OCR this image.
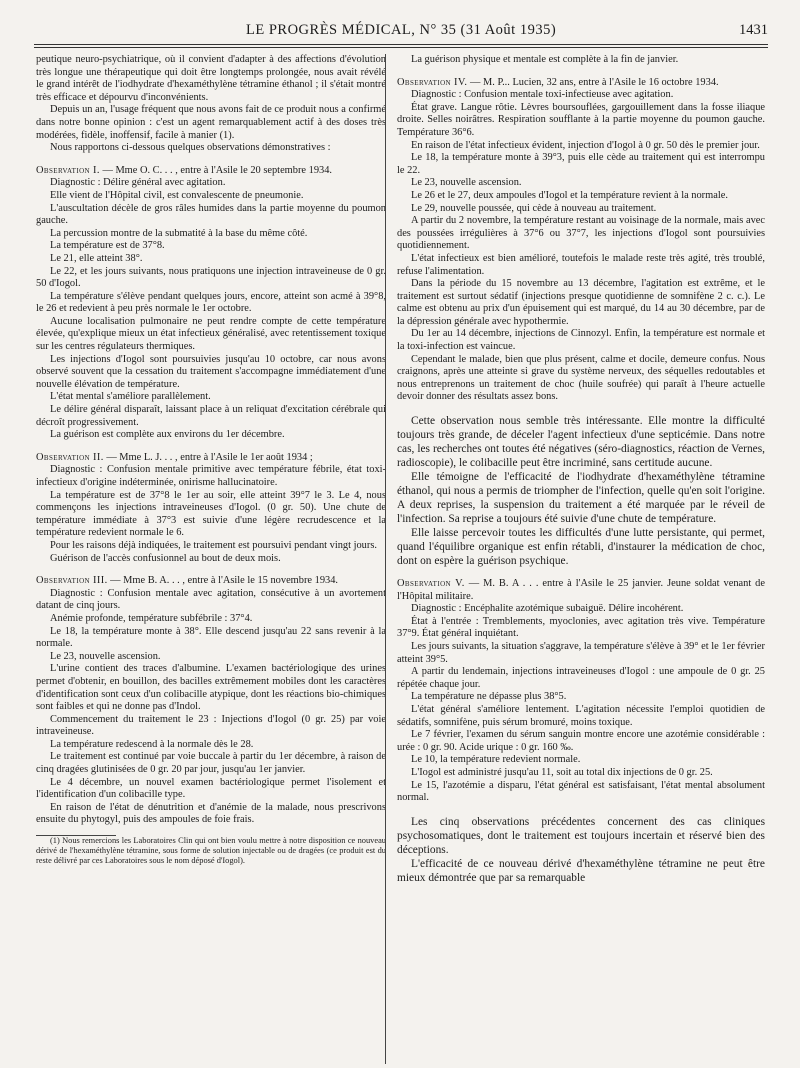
LE PROGRÈS MÉDICAL, N° 35 (31 Août 1935)	1431

peutique neuro-psychiatrique, où il convient d'adapter à des affections d'évolution très longue une thérapeutique qui doit être longtemps prolongée, nous avait révélé le grand intérêt de l'iodhydrate d'hexaméthylène tétramine éthanol ; il s'était montré très efficace et dépourvu d'inconvénients.

Depuis un an, l'usage fréquent que nous avons fait de ce produit nous a confirmé dans notre bonne opinion : c'est un agent remarquablement actif à des doses très modérées, fidèle, inoffensif, facile à manier (1).

Nous rapportons ci-dessous quelques observations démonstratives :

Observation I. — Mme O. C. . . , entre à l'Asile le 20 septembre 1934.

Diagnostic : Délire général avec agitation.

Elle vient de l'Hôpital civil, est convalescente de pneumonie.

L'auscultation décèle de gros râles humides dans la partie moyenne du poumon gauche.

La percussion montre de la submatité à la base du même côté.

La température est de 37°8.

Le 21, elle atteint 38°.

Le 22, et les jours suivants, nous pratiquons une injection intraveineuse de 0 gr. 50 d'Iogol.

La température s'élève pendant quelques jours, encore, atteint son acmé à 39°8, le 26 et redevient à peu près normale le 1er octobre.

Aucune localisation pulmonaire ne peut rendre compte de cette température élevée, qu'explique mieux un état infectieux généralisé, avec retentissement toxique sur les centres régulateurs thermiques.

Les injections d'Iogol sont poursuivies jusqu'au 10 octobre, car nous avons observé souvent que la cessation du traitement s'accompagne immédiatement d'une nouvelle élévation de température.

L'état mental s'améliore parallèlement.

Le délire général disparaît, laissant place à un reliquat d'excitation cérébrale qui décroît progressivement.

La guérison est complète aux environs du 1er décembre.

Observation II. — Mme L. J. . . , entre à l'Asile le 1er août 1934 ;

Diagnostic : Confusion mentale primitive avec température fébrile, état toxi-infectieux d'origine indéterminée, onirisme hallucinatoire.

La température est de 37°8 le 1er au soir, elle atteint 39°7 le 3. Le 4, nous commençons les injections intraveineuses d'Iogol. (0 gr. 50). Une chute de température immédiate à 37°3 est suivie d'une légère recrudescence et la température redevient normale le 6.

Pour les raisons déjà indiquées, le traitement est poursuivi pendant vingt jours.

Guérison de l'accès confusionnel au bout de deux mois.

Observation III. — Mme B. A. . . , entre à l'Asile le 15 novembre 1934.

Diagnostic : Confusion mentale avec agitation, consécutive à un avortement datant de cinq jours.

Anémie profonde, température subfébrile : 37°4.

Le 18, la température monte à 38°. Elle descend jusqu'au 22 sans revenir à la normale.

Le 23, nouvelle ascension.

L'urine contient des traces d'albumine. L'examen bactériologique des urines permet d'obtenir, en bouillon, des bacilles extrêmement mobiles dont les caractères d'identification sont ceux d'un colibacille atypique, dont les réactions bio-chimiques sont faibles et qui ne donne pas d'Indol.

Commencement du traitement le 23 : Injections d'Iogol (0 gr. 25) par voie intraveineuse.

La température redescend à la normale dès le 28.

Le traitement est continué par voie buccale à partir du 1er décembre, à raison de cinq dragées glutinisées de 0 gr. 20 par jour, jusqu'au 1er janvier.

Le 4 décembre, un nouvel examen bactériologique permet l'isolement et l'identification d'un colibacille type.

En raison de l'état de dénutrition et d'anémie de la malade, nous prescrivons ensuite du phytogyl, puis des ampoules de foie frais.

(1) Nous remercions les Laboratoires Clin qui ont bien voulu mettre à notre disposition ce nouveau dérivé de l'hexaméthylène tétramine, sous forme de solution injectable ou de dragées (ce produit est du reste délivré par ces Laboratoires sous le nom déposé d'Iogol).

La guérison physique et mentale est complète à la fin de janvier.

Observation IV. — M. P... Lucien, 32 ans, entre à l'Asile le 16 octobre 1934.

Diagnostic : Confusion mentale toxi-infectieuse avec agitation.

État grave. Langue rôtie. Lèvres boursouflées, gargouillement dans la fosse iliaque droite. Selles noirâtres. Respiration soufflante à la partie moyenne du poumon gauche. Température 36°6.

En raison de l'état infectieux évident, injection d'Iogol à 0 gr. 50 dès le premier jour.

Le 18, la température monte à 39°3, puis elle cède au traitement qui est interrompu le 22.

Le 23, nouvelle ascension.

Le 26 et le 27, deux ampoules d'Iogol et la température revient à la normale.

Le 29, nouvelle poussée, qui cède à nouveau au traitement.

A partir du 2 novembre, la température restant au voisinage de la normale, mais avec des poussées irrégulières à 37°6 ou 37°7, les injections d'Iogol sont poursuivies quotidiennement.

L'état infectieux est bien amélioré, toutefois le malade reste très agité, très troublé, refuse l'alimentation.

Dans la période du 15 novembre au 13 décembre, l'agitation est extrême, et le traitement est surtout sédatif (injections presque quotidienne de somnifène 2 c. c.). Le calme est obtenu au prix d'un épuisement qui est marqué, du 14 au 30 décembre, par de la dépression générale avec hypothermie.

Du 1er au 14 décembre, injections de Cinnozyl. Enfin, la température est normale et la toxi-infection est vaincue.

Cependant le malade, bien que plus présent, calme et docile, demeure confus. Nous craignons, après une atteinte si grave du système nerveux, des séquelles redoutables et nous entreprenons un traitement de choc (huile soufrée) qui paraît à l'heure actuelle devoir donner des résultats assez bons.

Cette observation nous semble très intéressante. Elle montre la difficulté toujours très grande, de déceler l'agent infectieux d'une septicémie. Dans notre cas, les recherches ont toutes été négatives (séro-diagnostics, réaction de Vernes, radioscopie), le colibacille peut être incriminé, sans certitude aucune.

Elle témoigne de l'efficacité de l'iodhydrate d'hexaméthylène tétramine éthanol, qui nous a permis de triompher de l'infection, quelle qu'en soit l'origine. A deux reprises, la suspension du traitement a été marquée par le réveil de l'infection. Sa reprise a toujours été suivie d'une chute de température.

Elle laisse percevoir toutes les difficultés d'une lutte persistante, qui permet, quand l'équilibre organique est enfin rétabli, d'instaurer la médication de choc, dont on espère la guérison psychique.

Observation V. — M. B. A . . . entre à l'Asile le 25 janvier. Jeune soldat venant de l'Hôpital militaire.

Diagnostic : Encéphalite azotémique subaiguë. Délire incohérent.

État à l'entrée : Tremblements, myoclonies, avec agitation très vive. Température 37°9. État général inquiétant.

Les jours suivants, la situation s'aggrave, la température s'élève à 39° et le 1er février atteint 39°5.

A partir du lendemain, injections intraveineuses d'Iogol : une ampoule de 0 gr. 25 répétée chaque jour.

La température ne dépasse plus 38°5.

L'état général s'améliore lentement. L'agitation nécessite l'emploi quotidien de sédatifs, somnifène, puis sérum bromuré, moins toxique.

Le 7 février, l'examen du sérum sanguin montre encore une azotémie considérable : urée : 0 gr. 90. Acide urique : 0 gr. 160 ‰.

Le 10, la température redevient normale.

L'Iogol est administré jusqu'au 11, soit au total dix injections de 0 gr. 25.

Le 15, l'azotémie a disparu, l'état général est satisfaisant, l'état mental absolument normal.

Les cinq observations précédentes concernent des cas cliniques psychosomatiques, dont le traitement est toujours incertain et réservé bien des déceptions.

L'efficacité de ce nouveau dérivé d'hexaméthylène tétramine ne peut être mieux démontrée que par sa remarquable
